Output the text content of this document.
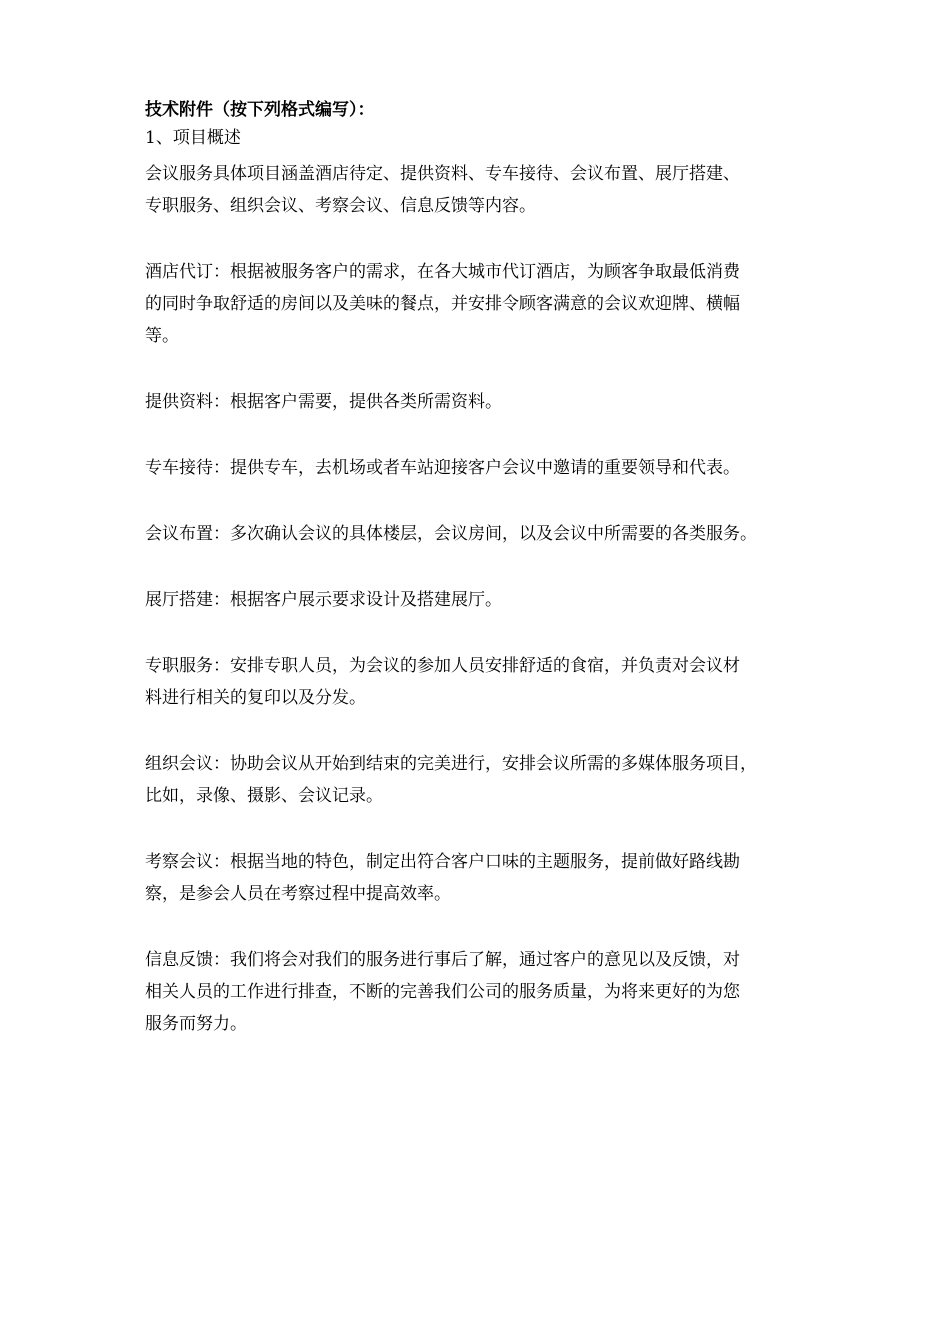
技术附件（按下列格式编写）：

1、项目概述

会议服务具体项目涵盖酒店待定、提供资料、专车接待、会议布置、展厅搭建、

专职服务、组织会议、考察会议、信息反馈等内容。

酒店代订：根据被服务客户的需求，在各大城市代订酒店，为顾客争取最低消费

的同时争取舒适的房间以及美味的餐点，并安排令顾客满意的会议欢迎牌、横幅

等。

提供资料：根据客户需要，提供各类所需资料。

专车接待：提供专车，去机场或者车站迎接客户会议中邀请的重要领导和代表。

会议布置：多次确认会议的具体楼层，会议房间，以及会议中所需要的各类服务。

展厅搭建：根据客户展示要求设计及搭建展厅。

专职服务：安排专职人员，为会议的参加人员安排舒适的食宿，并负责对会议材

料进行相关的复印以及分发。

组织会议：协助会议从开始到结束的完美进行，安排会议所需的多媒体服务项目，

比如，录像、摄影、会议记录。

考察会议：根据当地的特色，制定出符合客户口味的主题服务，提前做好路线勘

察，是参会人员在考察过程中提高效率。

信息反馈：我们将会对我们的服务进行事后了解，通过客户的意见以及反馈，对

相关人员的工作进行排查，不断的完善我们公司的服务质量，为将来更好的为您

服务而努力。
